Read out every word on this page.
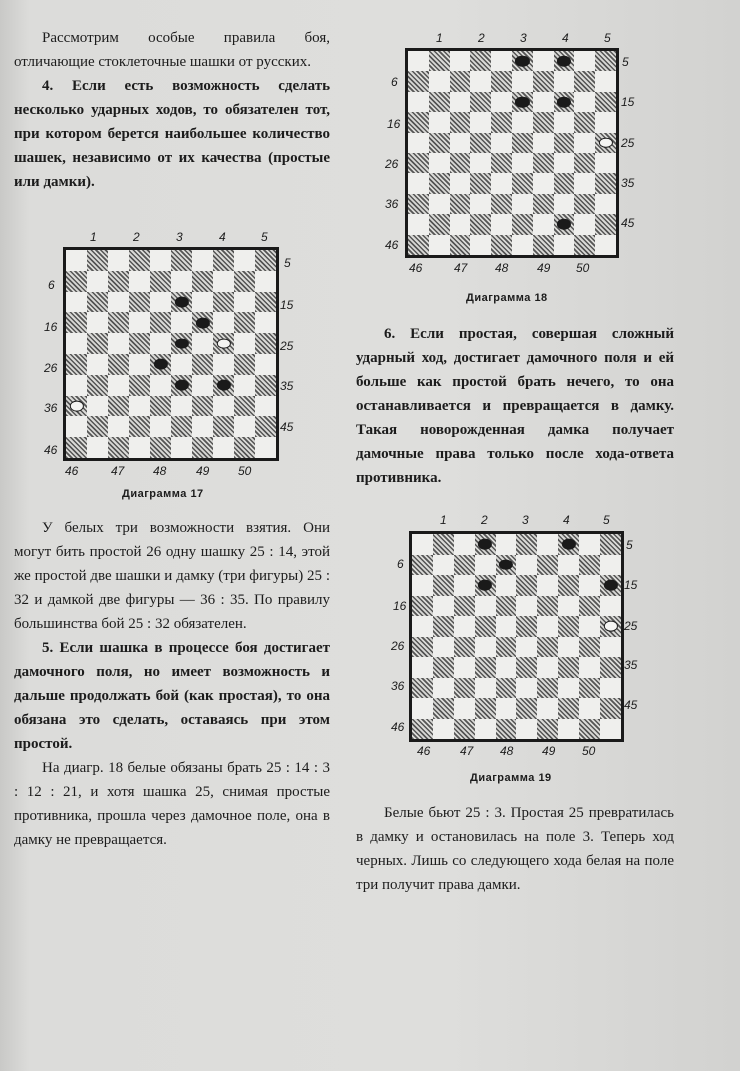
Рассмотрим особые правила боя, отличающие стоклеточные шашки от русских.

4. Если есть возможность сделать несколько ударных ходов, то обязателен тот, при котором берется наибольшее количество шашек, независимо от их качества (простые или дамки).

1	2	3	4	5
6
16
26
36
46
5
15
25
35
45
46	47 48 49 50
Диаграмма 17

У белых три возможности взятия. Они могут бить простой 26 одну шашку 25 : 14, этой же простой две шашки и дамку (три фигуры) 25 : 32 и дамкой две фигуры — 36 : 35. По правилу большинства бой 25 : 32 обязателен.

5. Если шашка в процессе боя достигает дамочного поля, но имеет возможность и дальше продолжать бой (как простая), то она обязана это сделать, оставаясь при этом простой.

На диагр. 18 белые обязаны брать 25 : 14 : 3 : 12 : 21, и хотя шашка 25, снимая простые противника, прошла через дамочное поле, она в дамку не превращается.

1	2	3	4	5
6
16
26
36
46
5
15
25
35
45
46	47 48 49 50
Диаграмма 18

6. Если простая, совершая сложный ударный ход, достигает дамочного поля и ей больше как простой брать нечего, то она останавливается и превращается в дамку. Такая новорожденная дамка получает дамочные права только после хода-ответа противника.

1	2	3	4	5
6
16
26
36
46
5
15
25
35
45
46 47 48 49 50
Диаграмма 19

Белые бьют 25 : 3. Простая 25 превратилась в дамку и остановилась на поле 3. Теперь ход черных. Лишь со следующего хода белая на поле три получит права дамки.
